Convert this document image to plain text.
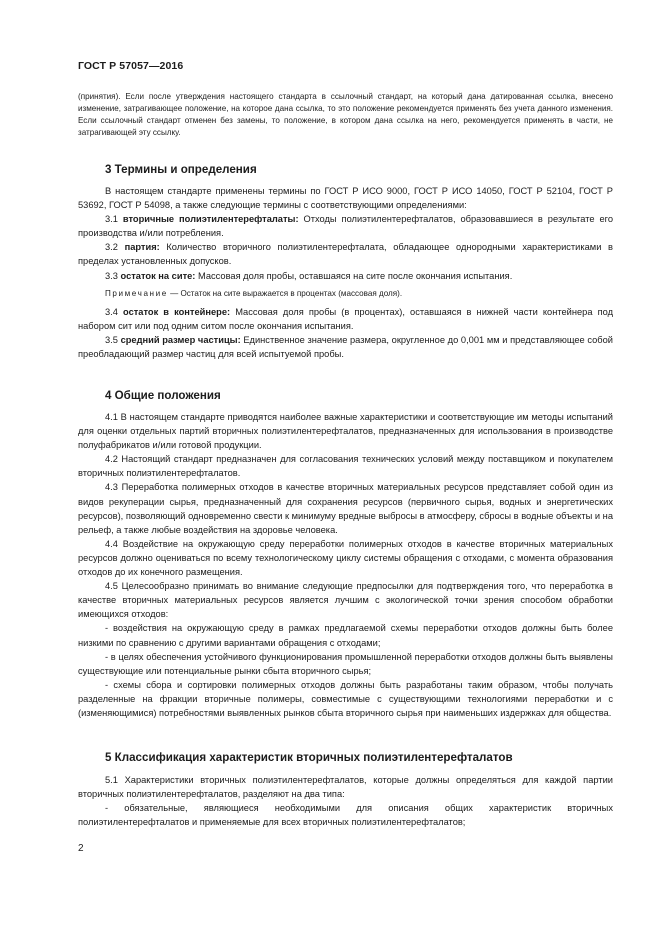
ГОСТ Р 57057—2016

(принятия). Если после утверждения настоящего стандарта в ссылочный стандарт, на который дана датированная ссылка, внесено изменение, затрагивающее положение, на которое дана ссылка, то это положение рекомендуется применять без учета данного изменения. Если ссылочный стандарт отменен без замены, то положение, в котором дана ссылка на него, рекомендуется применять в части, не затрагивающей эту ссылку.

3 Термины и определения

В настоящем стандарте применены термины по ГОСТ Р ИСО 9000, ГОСТ Р ИСО 14050, ГОСТ Р 52104, ГОСТ Р 53692, ГОСТ Р 54098, а также следующие термины с соответствующими определениями:

3.1 вторичные полиэтилентерефталаты: Отходы полиэтилентерефталатов, образовавшиеся в результате его производства и/или потребления.

3.2 партия: Количество вторичного полиэтилентерефталата, обладающее однородными характеристиками в пределах установленных допусков.

3.3 остаток на сите: Массовая доля пробы, оставшаяся на сите после окончания испытания.

Примечание — Остаток на сите выражается в процентах (массовая доля).

3.4 остаток в контейнере: Массовая доля пробы (в процентах), оставшаяся в нижней части контейнера под набором сит или под одним ситом после окончания испытания.

3.5 средний размер частицы: Единственное значение размера, округленное до 0,001 мм и представляющее собой преобладающий размер частиц для всей испытуемой пробы.

4 Общие положения

4.1 В настоящем стандарте приводятся наиболее важные характеристики и соответствующие им методы испытаний для оценки отдельных партий вторичных полиэтилентерефталатов, предназначенных для использования в производстве полуфабрикатов и/или готовой продукции.

4.2 Настоящий стандарт предназначен для согласования технических условий между поставщиком и покупателем вторичных полиэтилентерефталатов.

4.3 Переработка полимерных отходов в качестве вторичных материальных ресурсов представляет собой один из видов рекуперации сырья, предназначенный для сохранения ресурсов (первичного сырья, водных и энергетических ресурсов), позволяющий одновременно свести к минимуму вредные выбросы в атмосферу, сбросы в водные объекты и на рельеф, а также любые воздействия на здоровье человека.

4.4 Воздействие на окружающую среду переработки полимерных отходов в качестве вторичных материальных ресурсов должно оцениваться по всему технологическому циклу системы обращения с отходами, с момента образования отходов до их конечного размещения.

4.5 Целесообразно принимать во внимание следующие предпосылки для подтверждения того, что переработка в качестве вторичных материальных ресурсов является лучшим с экологической точки зрения способом обработки имеющихся отходов:

- воздействия на окружающую среду в рамках предлагаемой схемы переработки отходов должны быть более низкими по сравнению с другими вариантами обращения с отходами;

- в целях обеспечения устойчивого функционирования промышленной переработки отходов должны быть выявлены существующие или потенциальные рынки сбыта вторичного сырья;

- схемы сбора и сортировки полимерных отходов должны быть разработаны таким образом, чтобы получать разделенные на фракции вторичные полимеры, совместимые с существующими технологиями переработки и с (изменяющимися) потребностями выявленных рынков сбыта вторичного сырья при наименьших издержках для общества.

5 Классификация характеристик вторичных полиэтилентерефталатов

5.1 Характеристики вторичных полиэтилентерефталатов, которые должны определяться для каждой партии вторичных полиэтилентерефталатов, разделяют на два типа:

- обязательные, являющиеся необходимыми для описания общих характеристик вторичных полиэтилентерефталатов и применяемые для всех вторичных полиэтилентерефталатов;

2
